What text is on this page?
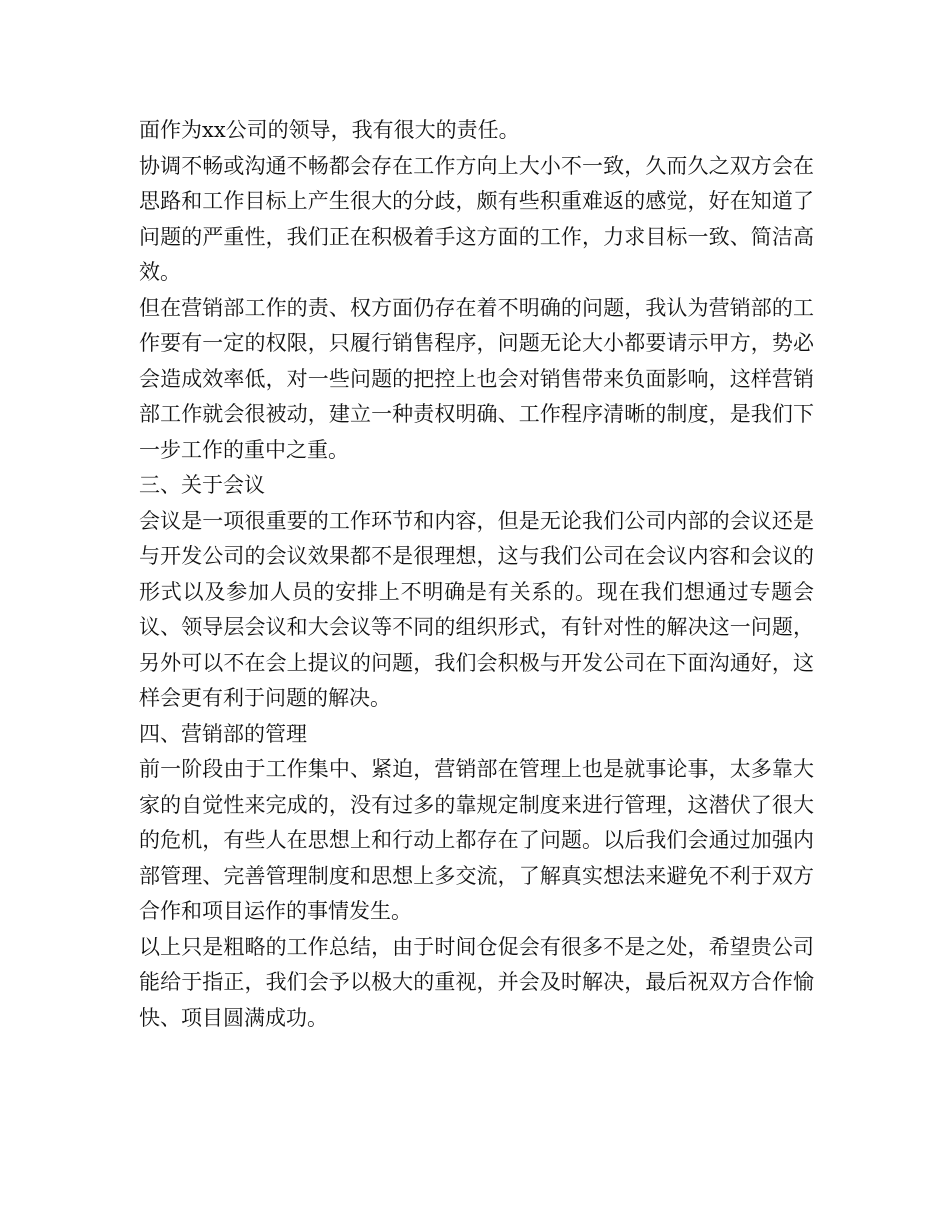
面作为xx公司的领导，我有很大的责任。

协调不畅或沟通不畅都会存在工作方向上大小不一致，久而久之双方会在思路和工作目标上产生很大的分歧，颇有些积重难返的感觉，好在知道了问题的严重性，我们正在积极着手这方面的工作，力求目标一致、简洁高效。

但在营销部工作的责、权方面仍存在着不明确的问题，我认为营销部的工作要有一定的权限，只履行销售程序，问题无论大小都要请示甲方，势必会造成效率低，对一些问题的把控上也会对销售带来负面影响，这样营销部工作就会很被动，建立一种责权明确、工作程序清晰的制度，是我们下一步工作的重中之重。

三、关于会议

会议是一项很重要的工作环节和内容，但是无论我们公司内部的会议还是与开发公司的会议效果都不是很理想，这与我们公司在会议内容和会议的形式以及参加人员的安排上不明确是有关系的。现在我们想通过专题会议、领导层会议和大会议等不同的组织形式，有针对性的解决这一问题，另外可以不在会上提议的问题，我们会积极与开发公司在下面沟通好，这样会更有利于问题的解决。

四、营销部的管理

前一阶段由于工作集中、紧迫，营销部在管理上也是就事论事，太多靠大家的自觉性来完成的，没有过多的靠规定制度来进行管理，这潜伏了很大的危机，有些人在思想上和行动上都存在了问题。以后我们会通过加强内部管理、完善管理制度和思想上多交流，了解真实想法来避免不利于双方合作和项目运作的事情发生。

以上只是粗略的工作总结，由于时间仓促会有很多不是之处，希望贵公司能给于指正，我们会予以极大的重视，并会及时解决，最后祝双方合作愉快、项目圆满成功。
